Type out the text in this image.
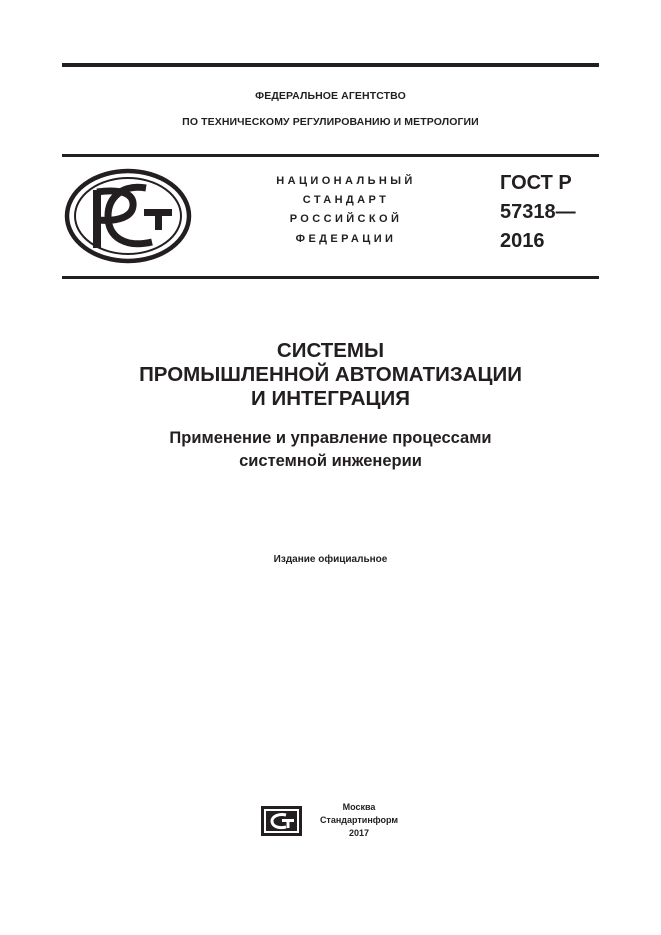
ФЕДЕРАЛЬНОЕ АГЕНТСТВО
ПО ТЕХНИЧЕСКОМУ РЕГУЛИРОВАНИЮ И МЕТРОЛОГИИ
НАЦИОНАЛЬНЫЙ
СТАНДАРТ
РОССИЙСКОЙ
ФЕДЕРАЦИИ
ГОСТ Р
57318—
2016
СИСТЕМЫ
ПРОМЫШЛЕННОЙ АВТОМАТИЗАЦИИ
И ИНТЕГРАЦИЯ
Применение и управление процессами
системной инженерии
Издание официальное
Москва
Стандартинформ
2017
